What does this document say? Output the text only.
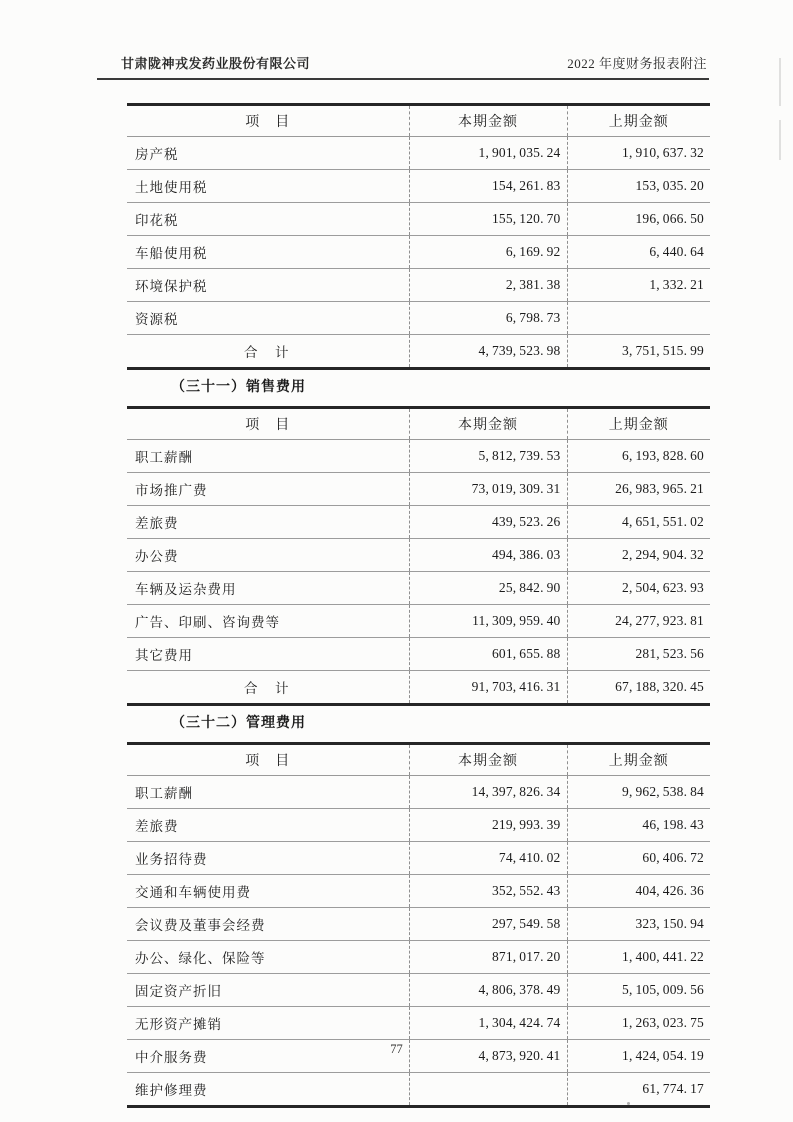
甘肃陇神戎发药业股份有限公司	2022 年度财务报表附注
项　目	本期金额	上期金额
房产税	1, 901, 035. 24	1, 910, 637. 32
土地使用税	154, 261. 83	153, 035. 20
印花税	155, 120. 70	196, 066. 50
车船使用税	6, 169. 92	6, 440. 64
环境保护税	2, 381. 38	1, 332. 21
资源税	6, 798. 73	
合　计	4, 739, 523. 98	3, 751, 515. 99
（三十一）销售费用
项　目	本期金额	上期金额
职工薪酬	5, 812, 739. 53	6, 193, 828. 60
市场推广费	73, 019, 309. 31	26, 983, 965. 21
差旅费	439, 523. 26	4, 651, 551. 02
办公费	494, 386. 03	2, 294, 904. 32
车辆及运杂费用	25, 842. 90	2, 504, 623. 93
广告、印刷、咨询费等	11, 309, 959. 40	24, 277, 923. 81
其它费用	601, 655. 88	281, 523. 56
合　计	91, 703, 416. 31	67, 188, 320. 45
（三十二）管理费用
项　目	本期金额	上期金额
职工薪酬	14, 397, 826. 34	9, 962, 538. 84
差旅费	219, 993. 39	46, 198. 43
业务招待费	74, 410. 02	60, 406. 72
交通和车辆使用费	352, 552. 43	404, 426. 36
会议费及董事会经费	297, 549. 58	323, 150. 94
办公、绿化、保险等	871, 017. 20	1, 400, 441. 22
固定资产折旧	4, 806, 378. 49	5, 105, 009. 56
无形资产摊销	1, 304, 424. 74	1, 263, 023. 75
中介服务费	4, 873, 920. 41	1, 424, 054. 19
维护修理费		61, 774. 17
77
